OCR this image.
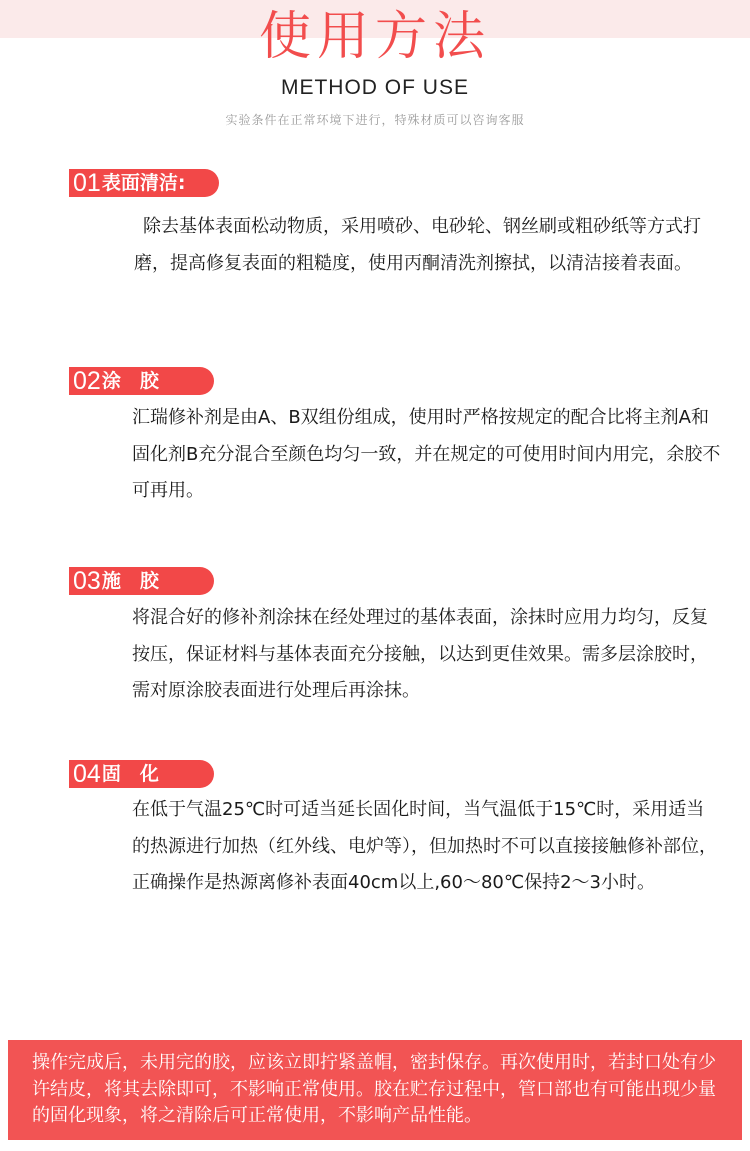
使用方法
METHOD OF USE
实验条件在正常环境下进行，特殊材质可以咨询客服
01 表面清洁:
除去基体表面松动物质，采用喷砂、电砂轮、钢丝刷或粗砂纸等方式打磨，提高修复表面的粗糙度，使用丙酮清洗剂擦拭，以清洁接着表面。
02 涂　胶
汇瑞修补剂是由A、B双组份组成，使用时严格按规定的配合比将主剂A和固化剂B充分混合至颜色均匀一致，并在规定的可使用时间内用完，余胶不可再用。
03 施　胶
将混合好的修补剂涂抹在经处理过的基体表面，涂抹时应用力均匀，反复按压，保证材料与基体表面充分接触，以达到更佳效果。需多层涂胶时，需对原涂胶表面进行处理后再涂抹。
04 固　化
在低于气温25℃时可适当延长固化时间，当气温低于15℃时，采用适当的热源进行加热（红外线、电炉等），但加热时不可以直接接触修补部位，正确操作是热源离修补表面40cm以上,60～80℃保持2～3小时。
操作完成后，未用完的胶，应该立即拧紧盖帽，密封保存。再次使用时，若封口处有少许结皮，将其去除即可，不影响正常使用。胶在贮存过程中，管口部也有可能出现少量的固化现象，将之清除后可正常使用，不影响产品性能。
